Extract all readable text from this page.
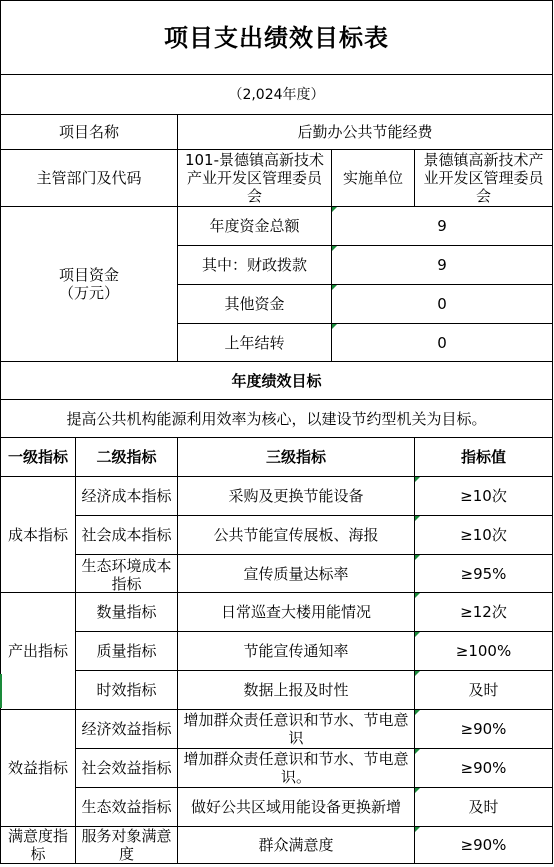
项目支出绩效目标表				
（2,024年度）				
项目名称		后勤办公共节能经费		
主管部门及代码		101-景德镇高新技术产业开发区管理委员会	实施单位	景德镇高新技术产业开发区管理委员会
项目资金
（万元）		年度资金总额	9	
		其中：财政拨款	9	
		其他资金	0	
		上年结转	0	
年度绩效目标				
提高公共机构能源利用效率为核心，以建设节约型机关为目标。				
一级指标	二级指标	三级指标		指标值
成本指标	经济成本指标	采购及更换节能设备		≥10次
	社会成本指标	公共节能宣传展板、海报		≥10次

	生态环境成本指标	宣传质量达标率		≥95%
产出指标	数量指标	日常巡查大楼用能情况		≥12次
	质量指标	节能宣传通知率		≥100%
	时效指标	数据上报及时性		及时
效益指标	经济效益指标	增加群众责任意识和节水、节电意识		≥90%
	社会效益指标	增加群众责任意识和节水、节电意识。		≥90%
	生态效益指标	做好公共区域用能设备更换新增		及时
满意度指标	服务对象满意度	群众满意度		≥90%
